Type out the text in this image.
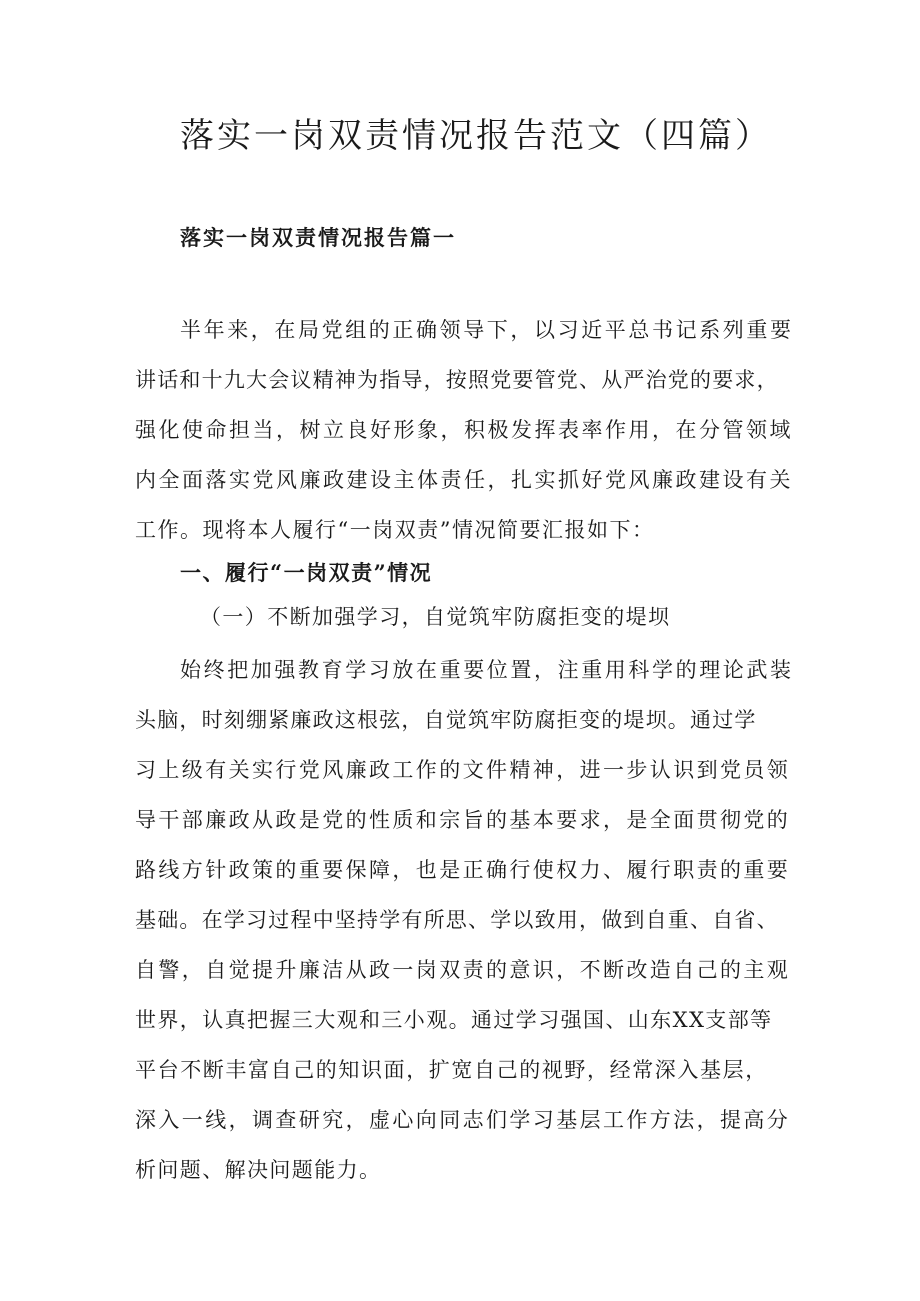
落实一岗双责情况报告范文（四篇）
落实一岗双责情况报告篇一
半年来，在局党组的正确领导下，以习近平总书记系列重要
讲话和十九大会议精神为指导，按照党要管党、从严治党的要求，
强化使命担当，树立良好形象，积极发挥表率作用，在分管领域
内全面落实党风廉政建设主体责任，扎实抓好党风廉政建设有关
工作。现将本人履行“一岗双责”情况简要汇报如下：
一、履行“一岗双责”情况
（一）不断加强学习，自觉筑牢防腐拒变的堤坝
始终把加强教育学习放在重要位置，注重用科学的理论武装
头脑，时刻绷紧廉政这根弦，自觉筑牢防腐拒变的堤坝。通过学
习上级有关实行党风廉政工作的文件精神，进一步认识到党员领
导干部廉政从政是党的性质和宗旨的基本要求，是全面贯彻党的
路线方针政策的重要保障，也是正确行使权力、履行职责的重要
基础。在学习过程中坚持学有所思、学以致用，做到自重、自省、
自警，自觉提升廉洁从政一岗双责的意识，不断改造自己的主观
世界，认真把握三大观和三小观。通过学习强国、山东XX支部等
平台不断丰富自己的知识面，扩宽自己的视野，经常深入基层，
深入一线，调查研究，虚心向同志们学习基层工作方法，提高分
析问题、解决问题能力。
